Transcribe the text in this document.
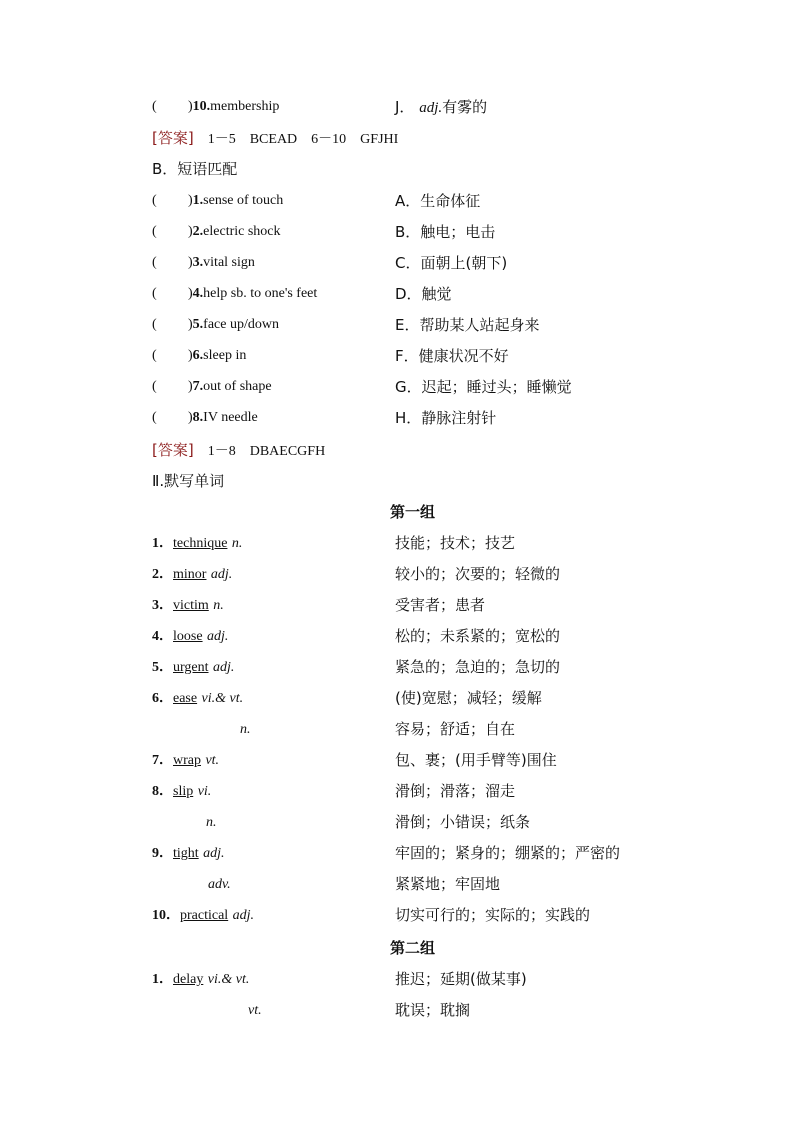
( )10.membership	J． adj.有雾的
[答案]　 1－5　BCEAD　6－10　GFJHI
B．短语匹配
( )1.sense of touch	A．生命体征
( )2.electric shock	B．触电；电击
( )3.vital sign	C．面朝上(朝下)
( )4.help sb. to one's feet	D．触觉
( )5.face up/down	E．帮助某人站起身来
( )6.sleep in	F．健康状况不好
( )7.out of shape	G．迟起；睡过头；睡懒觉
( )8.IV needle	H．静脉注射针
[答案]　 1－8　DBAECGFH
Ⅱ.默写单词
第一组
1．technique n.	技能；技术；技艺
2．minor adj.	较小的；次要的；轻微的
3．victim n.	受害者；患者
4．loose adj.	松的；未系紧的；宽松的
5．urgent adj.	紧急的；急迫的；急切的
6．ease vi.& vt.	(使)宽慰；减轻；缓解
n.	容易；舒适；自在
7．wrap vt.	包、裹；(用手臂等)围住
8．slip vi.	滑倒；滑落；溜走
n.	滑倒；小错误；纸条
9．tight adj.	牢固的；紧身的；绷紧的；严密的
adv.	紧紧地；牢固地
10．practical adj.	切实可行的；实际的；实践的
第二组
1．delay vi.& vt.	推迟；延期(做某事)
vt.	耽误；耽搁
